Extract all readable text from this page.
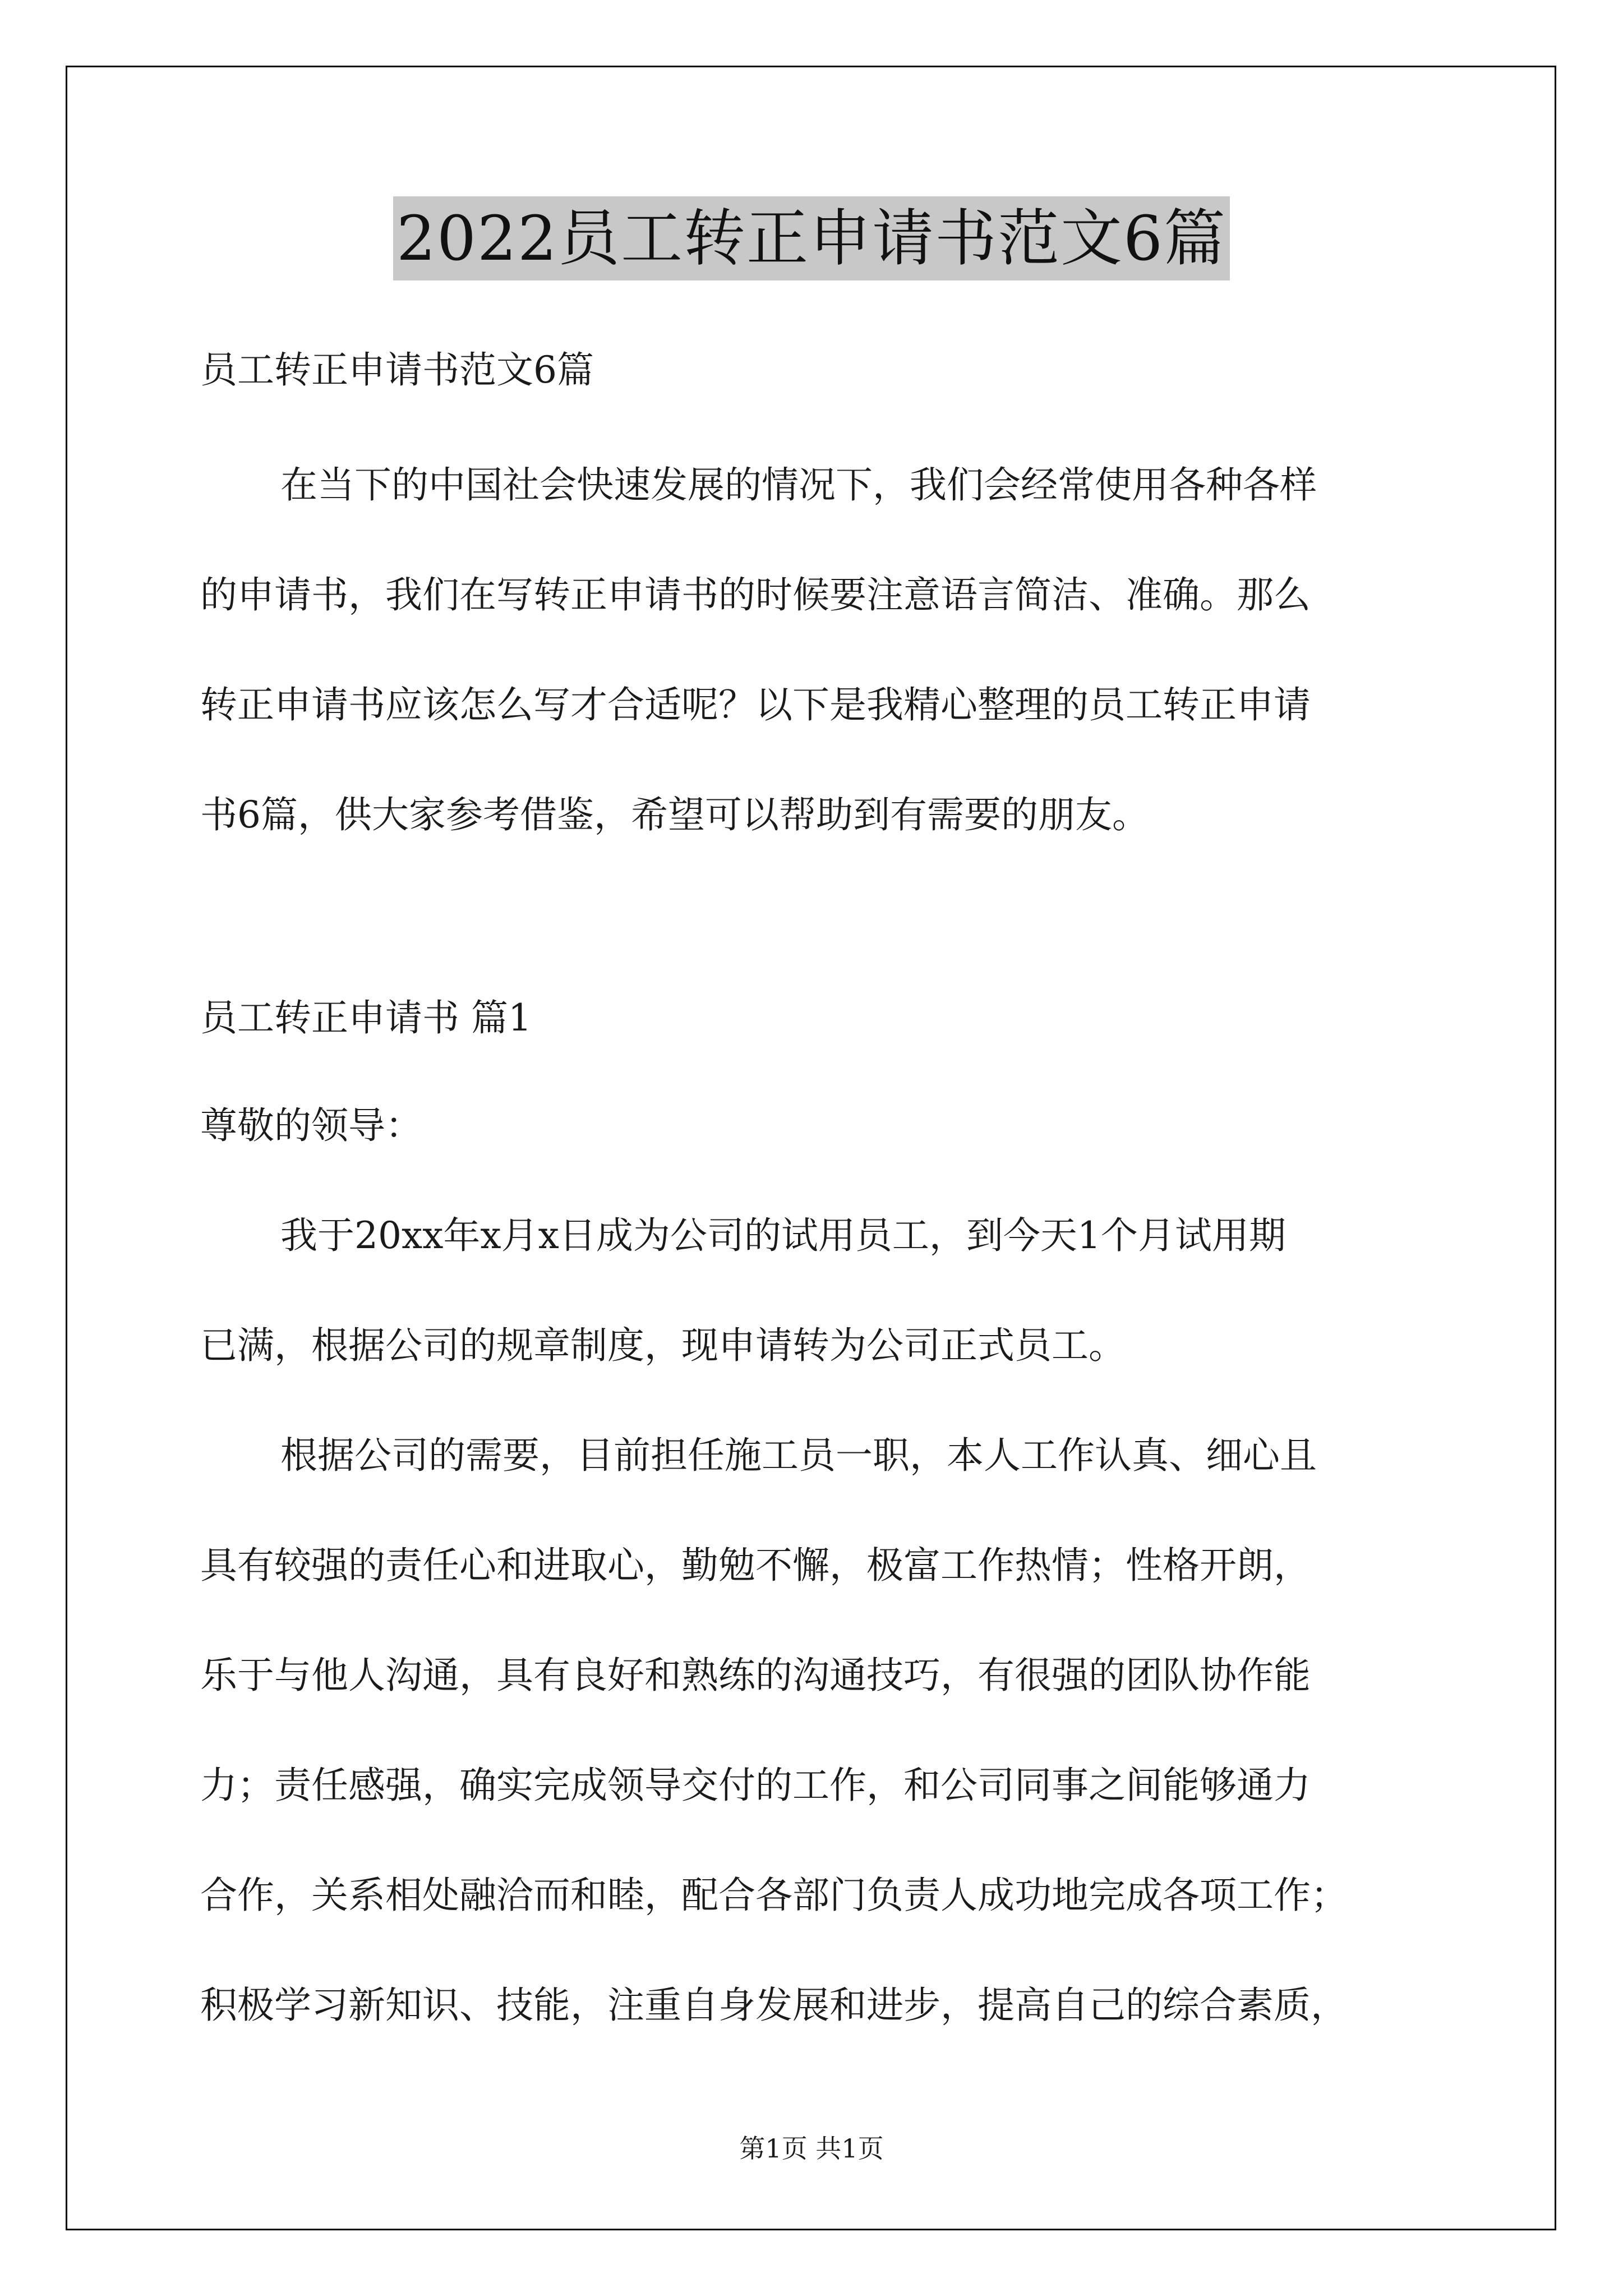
2022员工转正申请书范文6篇
员工转正申请书范文6篇
在当下的中国社会快速发展的情况下，我们会经常使用各种各样
的申请书，我们在写转正申请书的时候要注意语言简洁、准确。那么
转正申请书应该怎么写才合适呢？以下是我精心整理的员工转正申请
书6篇，供大家参考借鉴，希望可以帮助到有需要的朋友。
员工转正申请书 篇1
尊敬的领导：
我于20xx年x月x日成为公司的试用员工，到今天1个月试用期
已满，根据公司的规章制度，现申请转为公司正式员工。
根据公司的需要，目前担任施工员一职，本人工作认真、细心且
具有较强的责任心和进取心，勤勉不懈，极富工作热情；性格开朗，
乐于与他人沟通，具有良好和熟练的沟通技巧，有很强的团队协作能
力；责任感强，确实完成领导交付的工作，和公司同事之间能够通力
合作，关系相处融洽而和睦，配合各部门负责人成功地完成各项工作；
积极学习新知识、技能，注重自身发展和进步，提高自己的综合素质，
第1页 共1页
